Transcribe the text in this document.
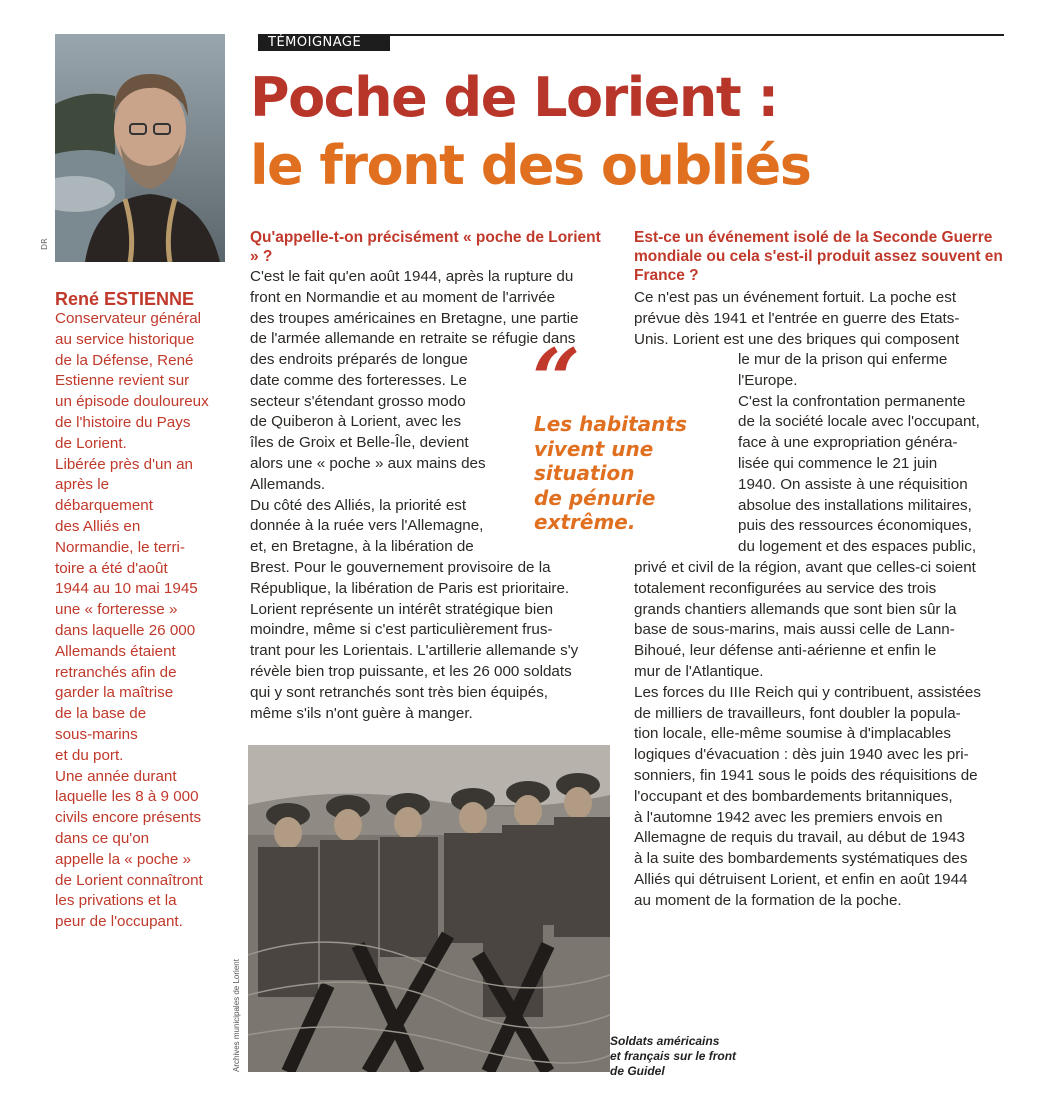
TÉMOIGNAGE
Poche de Lorient :
le front des oubliés
DR
René ESTIENNE
Conservateur général
au service historique
de la Défense, René
Estienne revient sur
un épisode douloureux
de l'histoire du Pays
de Lorient.
Libérée près d'un an
après le
débarquement
des Alliés en
Normandie, le terri-
toire a été d'août
1944 au 10 mai 1945
une « forteresse »
dans laquelle 26 000
Allemands étaient
retranchés afin de
garder la maîtrise
de la base de
sous-marins
et du port.
Une année durant
laquelle les 8 à 9 000
civils encore présents
dans ce qu'on
appelle la « poche »
de Lorient connaîtront
les privations et la
peur de l'occupant.
Qu'appelle-t-on précisément « poche de Lorient » ?
C'est le fait qu'en août 1944, après la rupture du
front en Normandie et au moment de l'arrivée
des troupes américaines en Bretagne, une partie
de l'armée allemande en retraite se réfugie dans
des endroits préparés de longue
date comme des forteresses. Le
secteur s'étendant grosso modo
de Quiberon à Lorient, avec les
îles de Groix et Belle-Île, devient
alors une « poche » aux mains des
Allemands.
Du côté des Alliés, la priorité est
donnée à la ruée vers l'Allemagne,
et, en Bretagne, à la libération de
Brest. Pour le gouvernement provisoire de la
République, la libération de Paris est prioritaire.
Lorient représente un intérêt stratégique bien
moindre, même si c'est particulièrement frus-
trant pour les Lorientais. L'artillerie allemande s'y
révèle bien trop puissante, et les 26 000 soldats
qui y sont retranchés sont très bien équipés,
même s'ils n'ont guère à manger.
“
Les habitants
vivent une
situation
de pénurie
extrême.
Est-ce un événement isolé de la Seconde Guerre mondiale ou cela s'est-il produit assez souvent en France ?
Ce n'est pas un événement fortuit. La poche est
prévue dès 1941 et l'entrée en guerre des Etats-
Unis. Lorient est une des briques qui composent
le mur de la prison qui enferme
l'Europe.
C'est la confrontation permanente
de la société locale avec l'occupant,
face à une expropriation généra-
lisée qui commence le 21 juin
1940. On assiste à une réquisition
absolue des installations militaires,
puis des ressources économiques,
du logement et des espaces public,
privé et civil de la région, avant que celles-ci soient
totalement reconfigurées au service des trois
grands chantiers allemands que sont bien sûr la
base de sous-marins, mais aussi celle de Lann-
Bihoué, leur défense anti-aérienne et enfin le
mur de l'Atlantique.
Les forces du IIIe Reich qui y contribuent, assistées
de milliers de travailleurs, font doubler la popula-
tion locale, elle-même soumise à d'implacables
logiques d'évacuation : dès juin 1940 avec les pri-
sonniers, fin 1941 sous le poids des réquisitions de
l'occupant et des bombardements britanniques,
à l'automne 1942 avec les premiers envois en
Allemagne de requis du travail, au début de 1943
à la suite des bombardements systématiques des
Alliés qui détruisent Lorient, et enfin en août 1944
au moment de la formation de la poche.
Archives municipales de Lorient	Soldats américains
et français sur le front
de Guidel
